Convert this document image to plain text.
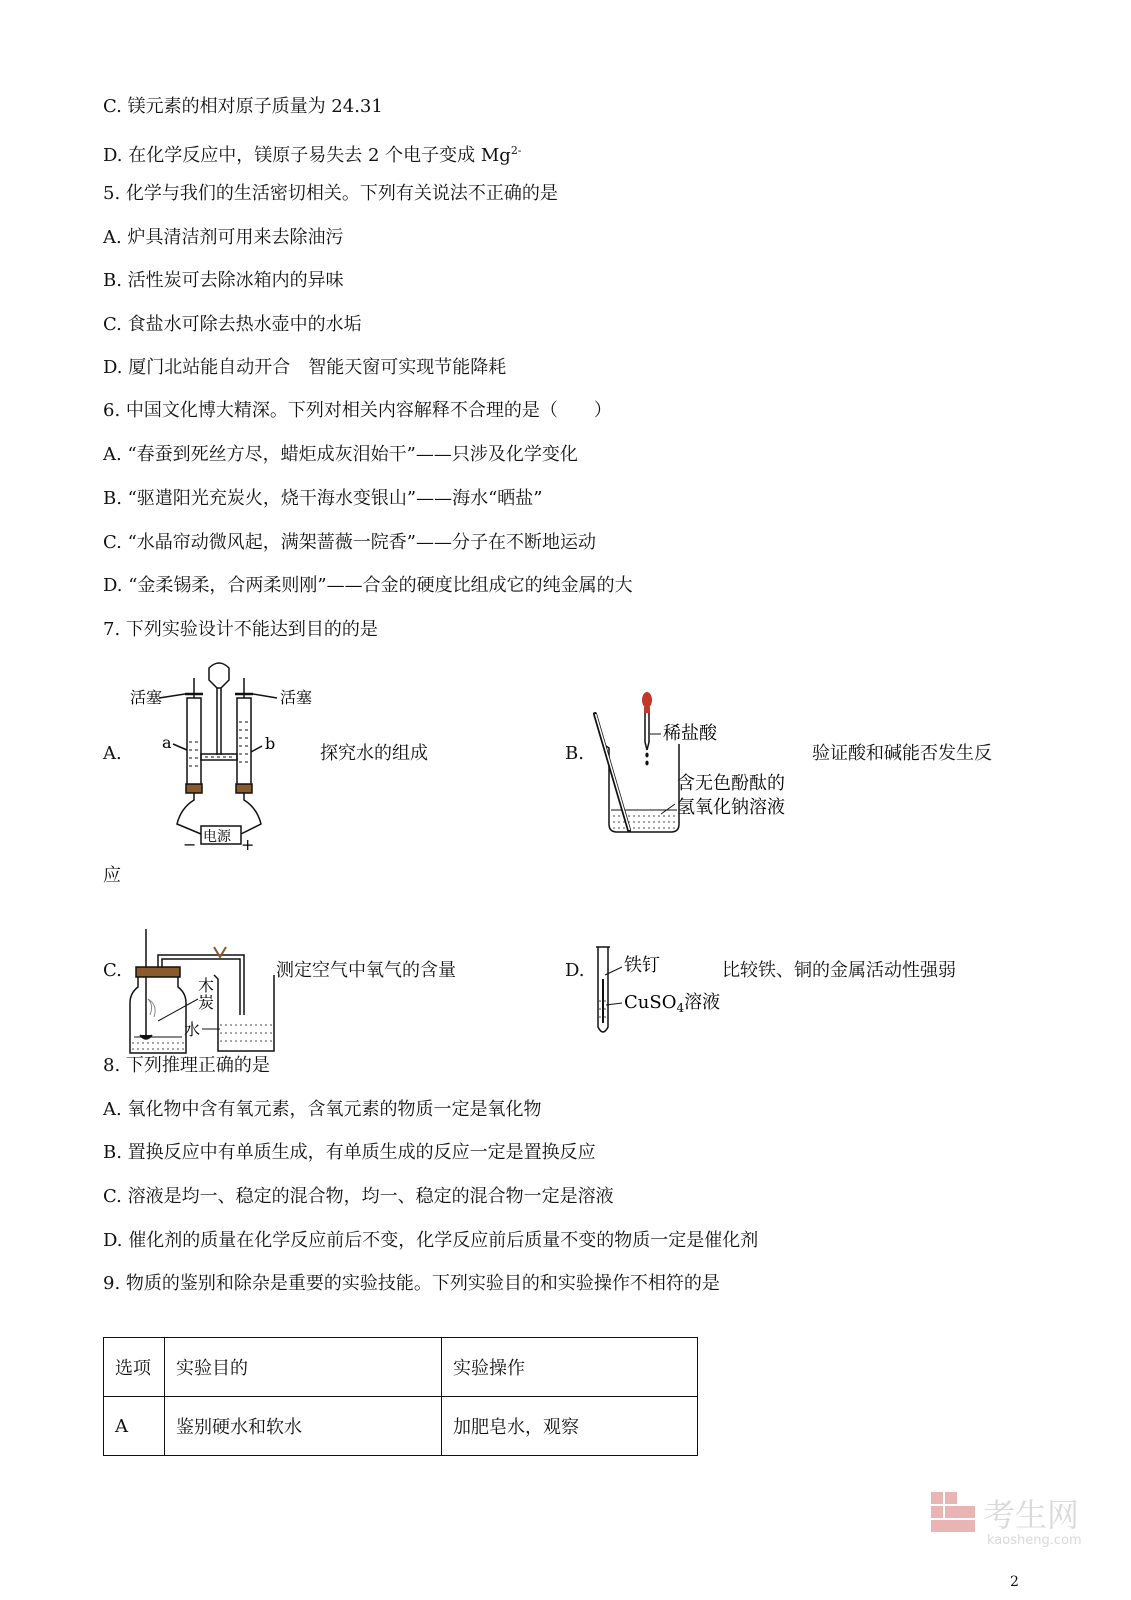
C. 镁元素的相对原子质量为 24.31
D. 在化学反应中，镁原子易失去 2 个电子变成 $Mg^{2-}$
5. 化学与我们的生活密切相关。下列有关说法不正确的是
A. 炉具清洁剂可用来去除油污
B. 活性炭可去除冰箱内的异味
C. 食盐水可除去热水壶中的水垢
D. 厦门北站能自动开合　智能天窗可实现节能降耗
6. 中国文化博大精深。下列对相关内容解释不合理的是（　　）
A. “春蚕到死丝方尽，蜡炬成灰泪始干”——只涉及化学变化
B. “驱遣阳光充炭火，烧干海水变银山”——海水“晒盐”
C. “水晶帘动微风起，满架蔷薇一院香”——分子在不断地运动
D. “金柔锡柔，合两柔则刚”——合金的硬度比组成它的纯金属的大
7. 下列实验设计不能达到目的的是
A.
活塞	活塞
a	b
电源
−	+
探究水的组成	B.
稀盐酸
含无色酚酞的
氢氧化钠溶液
验证酸和碱能否发生反
应
C.
木
炭
水
测定空气中氧气的含量	D. 铁钉
CuSO$_4$溶液
比较铁、铜的金属活动性强弱
8. 下列推理正确的是
A. 氧化物中含有氧元素，含氧元素的物质一定是氧化物
B. 置换反应中有单质生成，有单质生成的反应一定是置换反应
C. 溶液是均一、稳定的混合物，均一、稳定的混合物一定是溶液
D. 催化剂的质量在化学反应前后不变，化学反应前后质量不变的物质一定是催化剂
9. 物质的鉴别和除杂是重要的实验技能。下列实验目的和实验操作不相符的是
选项	实验目的	实验操作
A	鉴别硬水和软水	加肥皂水，观察
考生网
kaosheng.com
2
